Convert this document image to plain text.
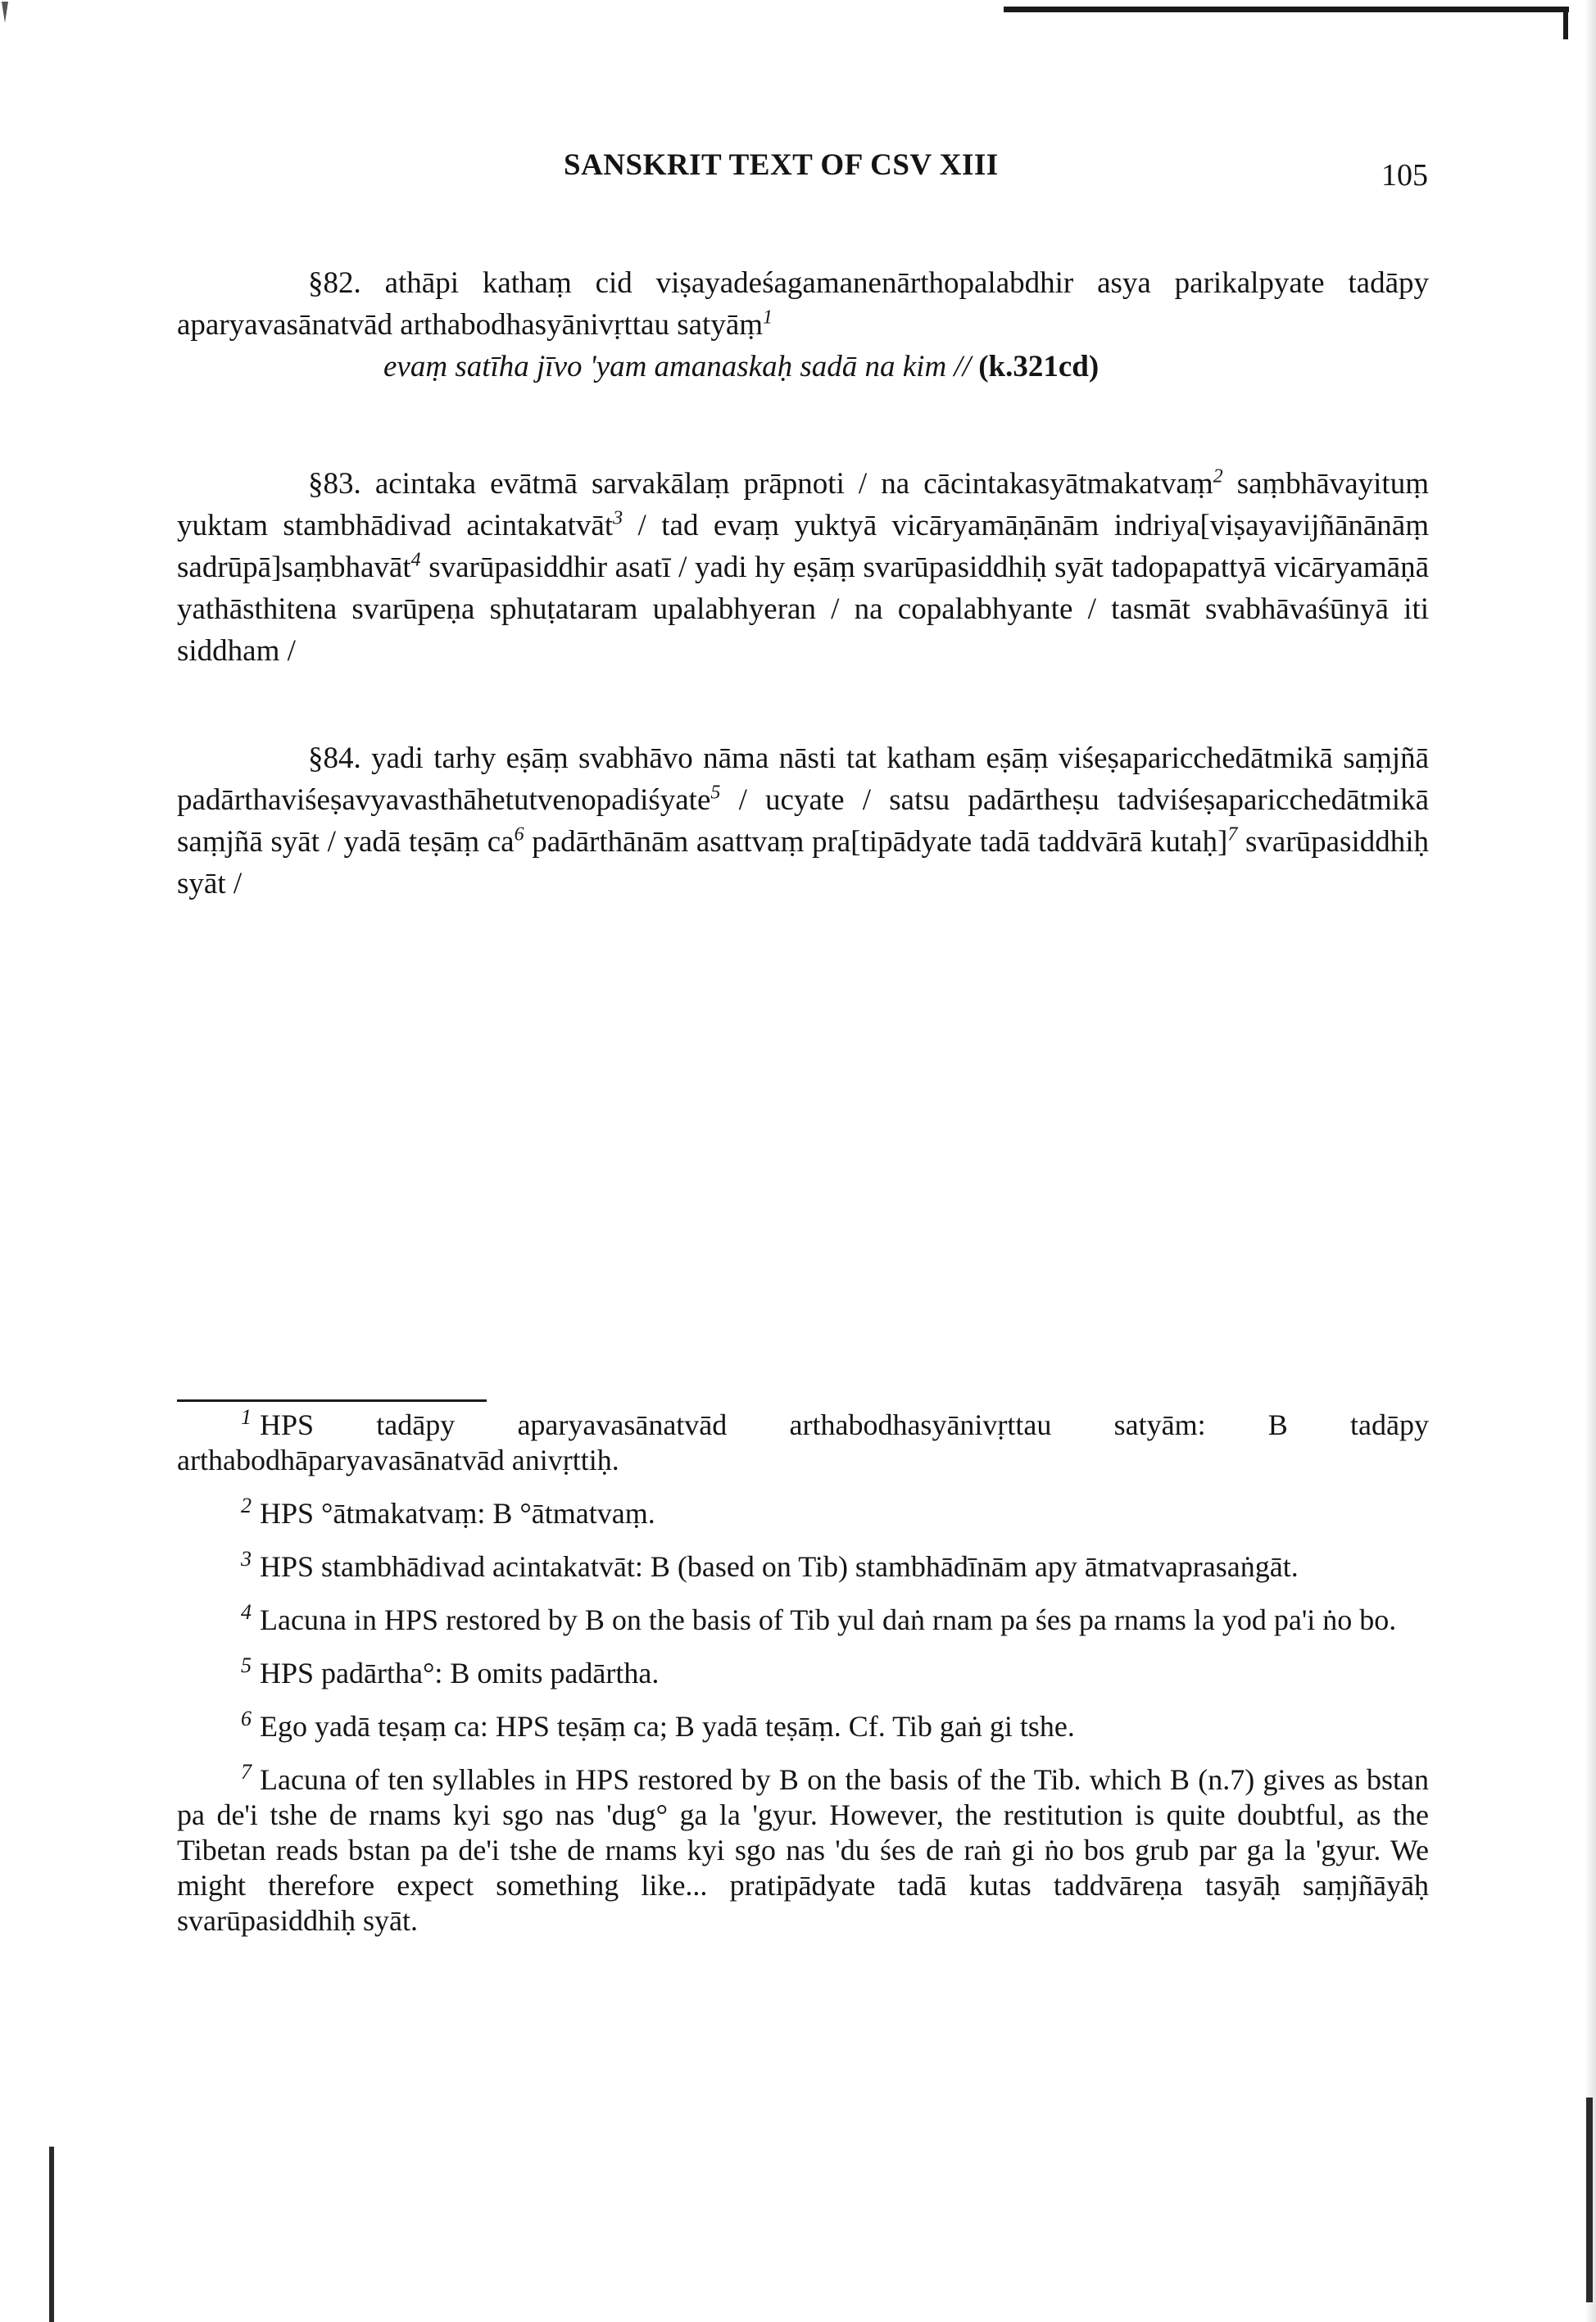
SANSKRIT TEXT OF CSV XIII	105

§82. athāpi kathaṃ cid viṣayadeśagamanenārthopalabdhir asya parikalpyate tadāpy aparyavasānatvād arthabodhasyānivṛttau satyāṃ$^1$

evaṃ satīha jīvo 'yam amanaskaḥ sadā na kim // (k.321cd)

§83. acintaka evātmā sarvakālaṃ prāpnoti / na cācintakasyātmakatvaṃ$^2$ saṃbhāvayituṃ yuktam stambhādivad acintakatvāt$^3$ / tad evaṃ yuktyā vicāryamāṇānām indriya[viṣayavijñānānāṃ sadrūpā]saṃbhavāt$^4$ svarūpasiddhir asatī / yadi hy eṣāṃ svarūpasiddhiḥ syāt tadopapattyā vicāryamāṇā yathāsthitena svarūpeṇa sphuṭataram upalabhyeran / na copalabhyante / tasmāt svabhāvaśūnyā iti siddham /

§84. yadi tarhy eṣāṃ svabhāvo nāma nāsti tat katham eṣāṃ viśeṣaparicchedātmikā saṃjñā padārthaviśeṣavyavasthāhetutvenopadiśyate$^5$ / ucyate / satsu padārtheṣu tadviśeṣaparicchedātmikā saṃjñā syāt / yadā teṣāṃ $ca^6$ padārthānām asattvaṃ pra[tipādyate tadā taddvārā kutaḥ]$^7$ svarūpasiddhiḥ syāt /

$^1$ HPS tadāpy aparyavasānatvād arthabodhasyānivṛttau satyām: B tadāpy arthabodhāparyavasānatvād anivṛttiḥ.

$^2$ HPS °ātmakatvaṃ: B °ātmatvaṃ.

$^3$ HPS stambhādivad acintakatvāt: B (based on Tib) stambhādīnām apy ātmatvaprasaṅgāt.

$^4$ Lacuna in HPS restored by B on the basis of Tib yul daṅ rnam pa śes pa rnams la yod pa'i ṅo bo.

$^5$ HPS padārtha°: B omits padārtha.

$^6$ Ego yadā teṣaṃ ca: HPS teṣāṃ ca; B yadā teṣāṃ. Cf. Tib gaṅ gi tshe.

$^7$ Lacuna of ten syllables in HPS restored by B on the basis of the Tib. which B (n.7) gives as bstan pa de'i tshe de rnams kyi sgo nas 'dug° ga la 'gyur. However, the restitution is quite doubtful, as the Tibetan reads bstan pa de'i tshe de rnams kyi sgo nas 'du śes de raṅ gi ṅo bos grub par ga la 'gyur. We might therefore expect something like... pratipādyate tadā kutas taddvāreṇa tasyāḥ saṃjñāyāḥ svarūpasiddhiḥ syāt.
